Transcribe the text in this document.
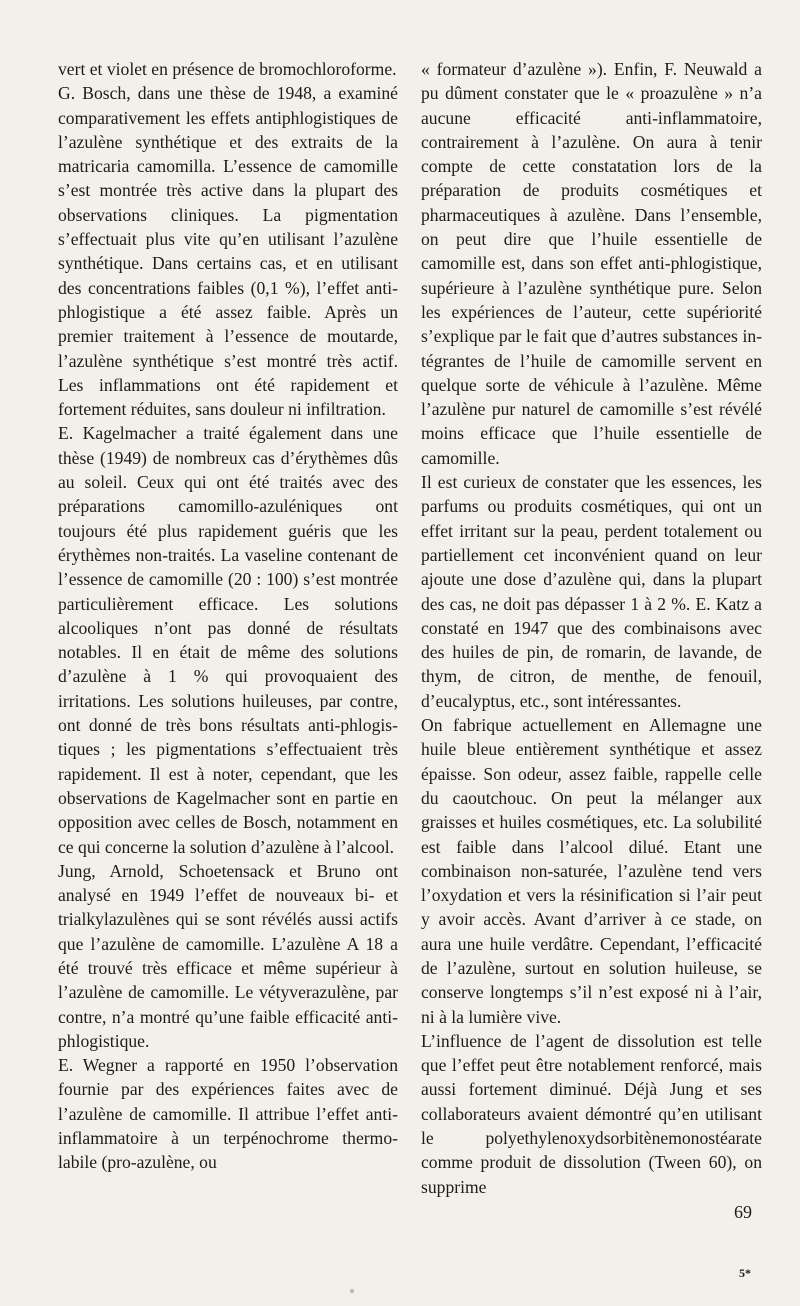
vert et violet en présence de bromochloroforme.

G. Bosch, dans une thèse de 1948, a examiné comparativement les effets antiphlogistiques de l’azulène synthétique et des extraits de la matricaria camomilla. L’essence de camomille s’est montrée très active dans la plupart des observations cliniques. La pigmentation s’effectuait plus vite qu’en utilisant l’azulène synthétique. Dans certains cas, et en utilisant des concentrations faibles (0,1 %), l’effet antiphlogistique a été assez faible. Après un premier traitement à l’essence de moutarde, l’azulène synthétique s’est montré très actif. Les inflammations ont été rapidement et fortement réduites, sans douleur ni infiltration.

E. Kagelmacher a traité également dans une thèse (1949) de nombreux cas d’érythèmes dûs au soleil. Ceux qui ont été traités avec des préparations camomillo-azuléniques ont toujours été plus rapidement guéris que les érythèmes non-traités. La vaseline contenant de l’essence de camomille (20 : 100) s’est montrée particulièrement efficace. Les solutions alcooliques n’ont pas donné de résultats notables. Il en était de même des solutions d’azulène à 1 % qui provoquaient des irritations. Les solutions huileuses, par contre, ont donné de très bons résultats anti-phlogistiques ; les pigmentations s’effectuaient très rapidement. Il est à noter, cependant, que les observations de Kagelmacher sont en partie en opposition avec celles de Bosch, notamment en ce qui concerne la solution d’azulène à l’alcool.

Jung, Arnold, Schoetensack et Bruno ont analysé en 1949 l’effet de nouveaux bi- et trialkylazulènes qui se sont révélés aussi actifs que l’azulène de camomille. L’azulène A 18 a été trouvé très efficace et même supérieur à l’azulène de camomille. Le vétyverazulène, par contre, n’a montré qu’une faible efficacité anti-phlogistique.

E. Wegner a rapporté en 1950 l’observation fournie par des expériences faites avec de l’azulène de camomille. Il attribue l’effet anti-inflammatoire à un terpénochrome thermo-labile (pro-azulène, ou

« formateur d’azulène »). Enfin, F. Neuwald a pu dûment constater que le « proazulène » n’a aucune efficacité anti-inflammatoire, contrairement à l’azulène. On aura à tenir compte de cette constatation lors de la préparation de produits cosmétiques et pharmaceutiques à azulène. Dans l’ensemble, on peut dire que l’huile essentielle de camomille est, dans son effet anti-phlogistique, supérieure à l’azulène synthétique pure. Selon les expériences de l’auteur, cette supériorité s’explique par le fait que d’autres substances intégrantes de l’huile de camomille servent en quelque sorte de véhicule à l’azulène. Même l’azulène pur naturel de camomille s’est révélé moins efficace que l’huile essentielle de camomille.

Il est curieux de constater que les essences, les parfums ou produits cosmétiques, qui ont un effet irritant sur la peau, perdent totalement ou partiellement cet inconvénient quand on leur ajoute une dose d’azulène qui, dans la plupart des cas, ne doit pas dépasser 1 à 2 %. E. Katz a constaté en 1947 que des combinaisons avec des huiles de pin, de romarin, de lavande, de thym, de citron, de menthe, de fenouil, d’eucalyptus, etc., sont intéressantes.

On fabrique actuellement en Allemagne une huile bleue entièrement synthétique et assez épaisse. Son odeur, assez faible, rappelle celle du caoutchouc. On peut la mélanger aux graisses et huiles cosmétiques, etc. La solubilité est faible dans l’alcool dilué. Etant une combinaison non-saturée, l’azulène tend vers l’oxydation et vers la résinification si l’air peut y avoir accès. Avant d’arriver à ce stade, on aura une huile verdâtre. Cependant, l’efficacité de l’azulène, surtout en solution huileuse, se conserve longtemps s’il n’est exposé ni à l’air, ni à la lumière vive.

L’influence de l’agent de dissolution est telle que l’effet peut être notablement renforcé, mais aussi fortement diminué. Déjà Jung et ses collaborateurs avaient démontré qu’en utilisant le polyethylenoxydsorbitènemonostéarate comme produit de dissolution (Tween 60), on supprime

69
5*
